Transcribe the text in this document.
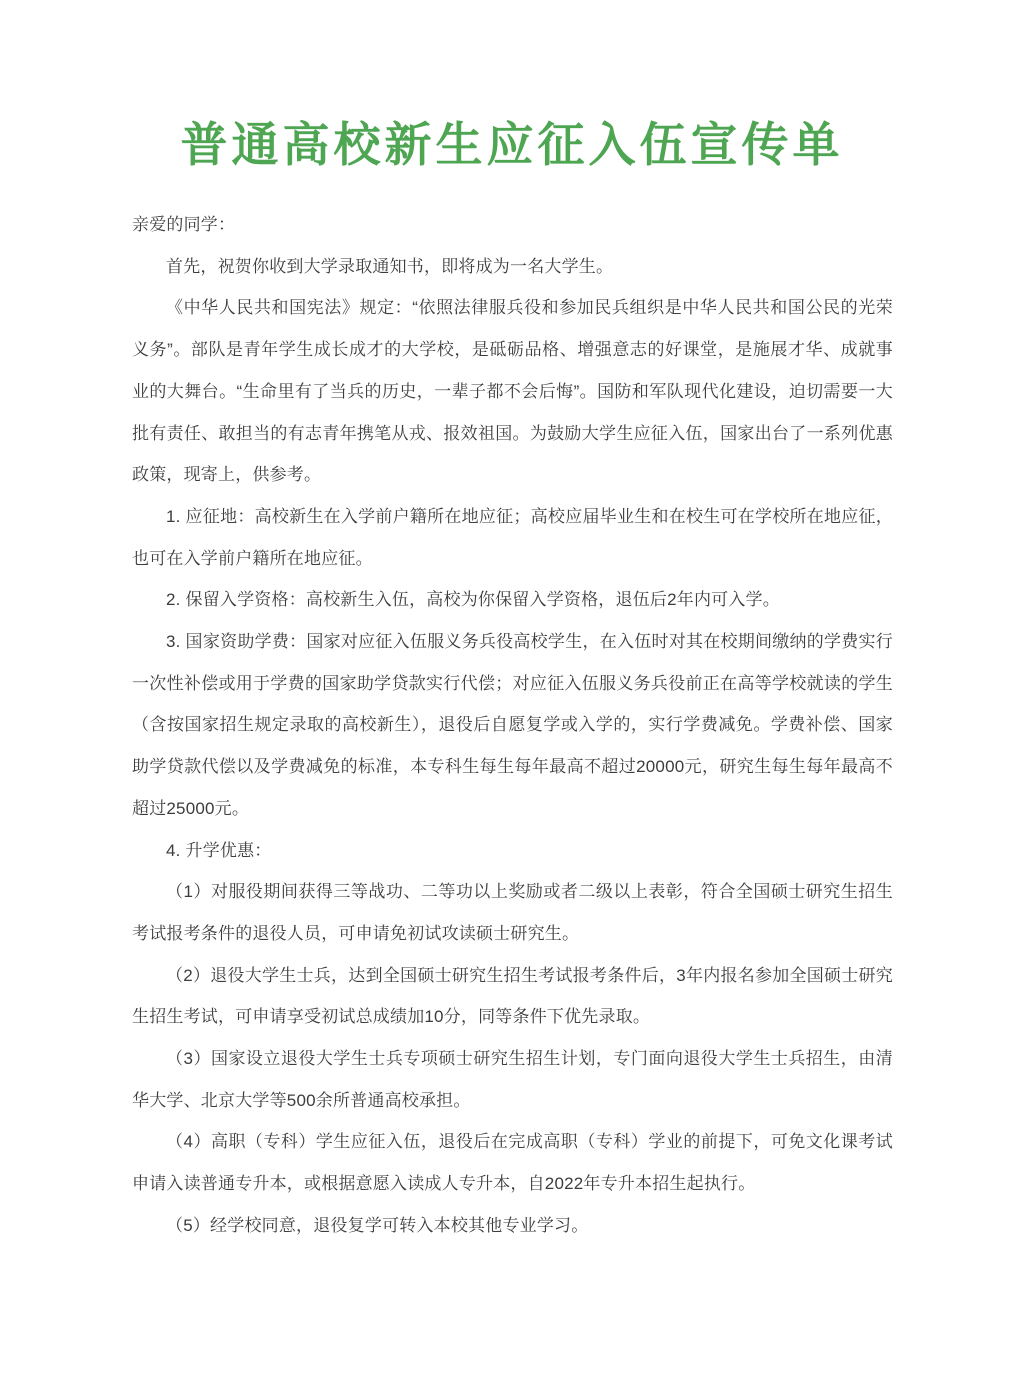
普通高校新生应征入伍宣传单

亲爱的同学：

首先，祝贺你收到大学录取通知书，即将成为一名大学生。

《中华人民共和国宪法》规定：“依照法律服兵役和参加民兵组织是中华人民共和国公民的光荣义务”。部队是青年学生成长成才的大学校，是砥砺品格、增强意志的好课堂，是施展才华、成就事业的大舞台。“生命里有了当兵的历史，一辈子都不会后悔”。国防和军队现代化建设，迫切需要一大批有责任、敢担当的有志青年携笔从戎、报效祖国。为鼓励大学生应征入伍，国家出台了一系列优惠政策，现寄上，供参考。

1. 应征地：高校新生在入学前户籍所在地应征；高校应届毕业生和在校生可在学校所在地应征，也可在入学前户籍所在地应征。

2. 保留入学资格：高校新生入伍，高校为你保留入学资格，退伍后2年内可入学。

3. 国家资助学费：国家对应征入伍服义务兵役高校学生，在入伍时对其在校期间缴纳的学费实行一次性补偿或用于学费的国家助学贷款实行代偿；对应征入伍服义务兵役前正在高等学校就读的学生（含按国家招生规定录取的高校新生），退役后自愿复学或入学的，实行学费减免。学费补偿、国家助学贷款代偿以及学费减免的标准，本专科生每生每年最高不超过20000元，研究生每生每年最高不超过25000元。

4. 升学优惠：

（1）对服役期间获得三等战功、二等功以上奖励或者二级以上表彰，符合全国硕士研究生招生考试报考条件的退役人员，可申请免初试攻读硕士研究生。

（2）退役大学生士兵，达到全国硕士研究生招生考试报考条件后，3年内报名参加全国硕士研究生招生考试，可申请享受初试总成绩加10分，同等条件下优先录取。

（3）国家设立退役大学生士兵专项硕士研究生招生计划，专门面向退役大学生士兵招生，由清华大学、北京大学等500余所普通高校承担。

（4）高职（专科）学生应征入伍，退役后在完成高职（专科）学业的前提下，可免文化课考试申请入读普通专升本，或根据意愿入读成人专升本，自2022年专升本招生起执行。

（5）经学校同意，退役复学可转入本校其他专业学习。
